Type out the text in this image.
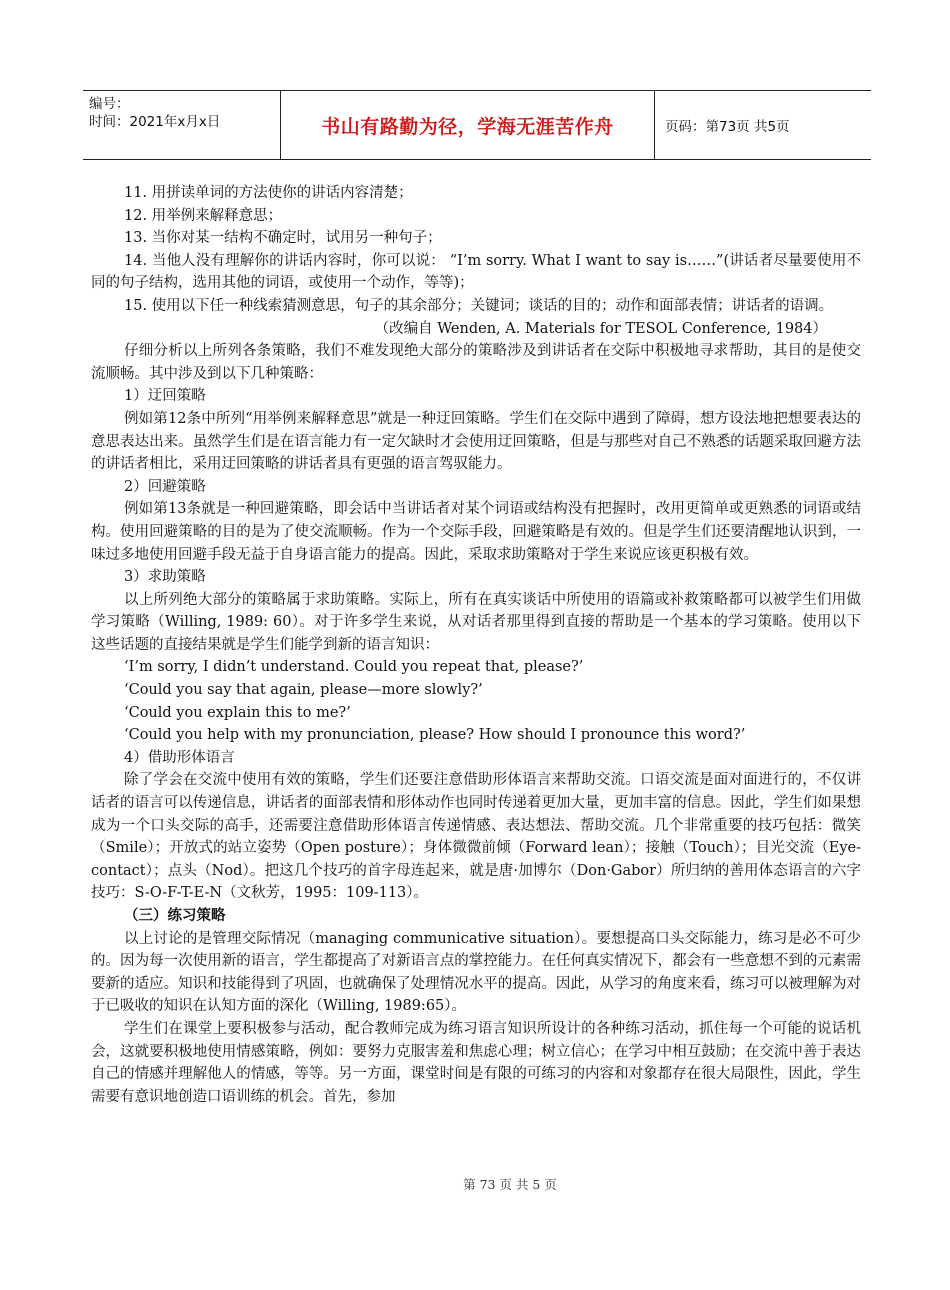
编号：
时间：2021年x月x日	书山有路勤为径，学海无涯苦作舟	页码：第73页 共5页

11. 用拼读单词的方法使你的讲话内容清楚；

12. 用举例来解释意思；

13. 当你对某一结构不确定时，试用另一种句子；

14. 当他人没有理解你的讲话内容时，你可以说： “I’m sorry. What I want to say is……”(讲话者尽量要使用不同的句子结构，选用其他的词语，或使用一个动作，等等)；

15. 使用以下任一种线索猜测意思，句子的其余部分；关键词；谈话的目的；动作和面部表情；讲话者的语调。

（改编自 Wenden, A. Materials for TESOL Conference, 1984）

仔细分析以上所列各条策略，我们不难发现绝大部分的策略涉及到讲话者在交际中积极地寻求帮助，其目的是使交流顺畅。其中涉及到以下几种策略：

1）迂回策略

例如第12条中所列“用举例来解释意思”就是一种迂回策略。学生们在交际中遇到了障碍，想方设法地把想要表达的意思表达出来。虽然学生们是在语言能力有一定欠缺时才会使用迂回策略，但是与那些对自己不熟悉的话题采取回避方法的讲话者相比，采用迂回策略的讲话者具有更强的语言驾驭能力。

2）回避策略

例如第13条就是一种回避策略，即会话中当讲话者对某个词语或结构没有把握时，改用更简单或更熟悉的词语或结构。使用回避策略的目的是为了使交流顺畅。作为一个交际手段，回避策略是有效的。但是学生们还要清醒地认识到，一味过多地使用回避手段无益于自身语言能力的提高。因此，采取求助策略对于学生来说应该更积极有效。

3）求助策略

以上所列绝大部分的策略属于求助策略。实际上，所有在真实谈话中所使用的语篇或补救策略都可以被学生们用做学习策略（Willing, 1989: 60）。对于许多学生来说，从对话者那里得到直接的帮助是一个基本的学习策略。使用以下这些话题的直接结果就是学生们能学到新的语言知识：

‘I’m sorry, I didn’t understand. Could you repeat that, please?’

‘Could you say that again, please—more slowly?’

‘Could you explain this to me?’

‘Could you help with my pronunciation, please? How should I pronounce this word?’

4）借助形体语言

除了学会在交流中使用有效的策略，学生们还要注意借助形体语言来帮助交流。口语交流是面对面进行的，不仅讲话者的语言可以传递信息，讲话者的面部表情和形体动作也同时传递着更加大量，更加丰富的信息。因此，学生们如果想成为一个口头交际的高手，还需要注意借助形体语言传递情感、表达想法、帮助交流。几个非常重要的技巧包括：微笑（Smile）；开放式的站立姿势（Open posture）；身体微微前倾（Forward lean）；接触（Touch）；目光交流（Eye-contact）；点头（Nod）。把这几个技巧的首字母连起来，就是唐·加博尔（Don·Gabor）所归纳的善用体态语言的六字技巧：S-O-F-T-E-N（文秋芳，1995：109-113）。

（三）练习策略

以上讨论的是管理交际情况（managing communicative situation）。要想提高口头交际能力，练习是必不可少的。因为每一次使用新的语言，学生都提高了对新语言点的掌控能力。在任何真实情况下，都会有一些意想不到的元素需要新的适应。知识和技能得到了巩固，也就确保了处理情况水平的提高。因此，从学习的角度来看，练习可以被理解为对于已吸收的知识在认知方面的深化（Willing, 1989:65）。

学生们在课堂上要积极参与活动，配合教师完成为练习语言知识所设计的各种练习活动，抓住每一个可能的说话机会，这就要积极地使用情感策略，例如：要努力克服害羞和焦虑心理；树立信心；在学习中相互鼓励；在交流中善于表达自己的情感并理解他人的情感，等等。另一方面，课堂时间是有限的可练习的内容和对象都存在很大局限性，因此，学生需要有意识地创造口语训练的机会。首先，参加

第 73 页 共 5 页
